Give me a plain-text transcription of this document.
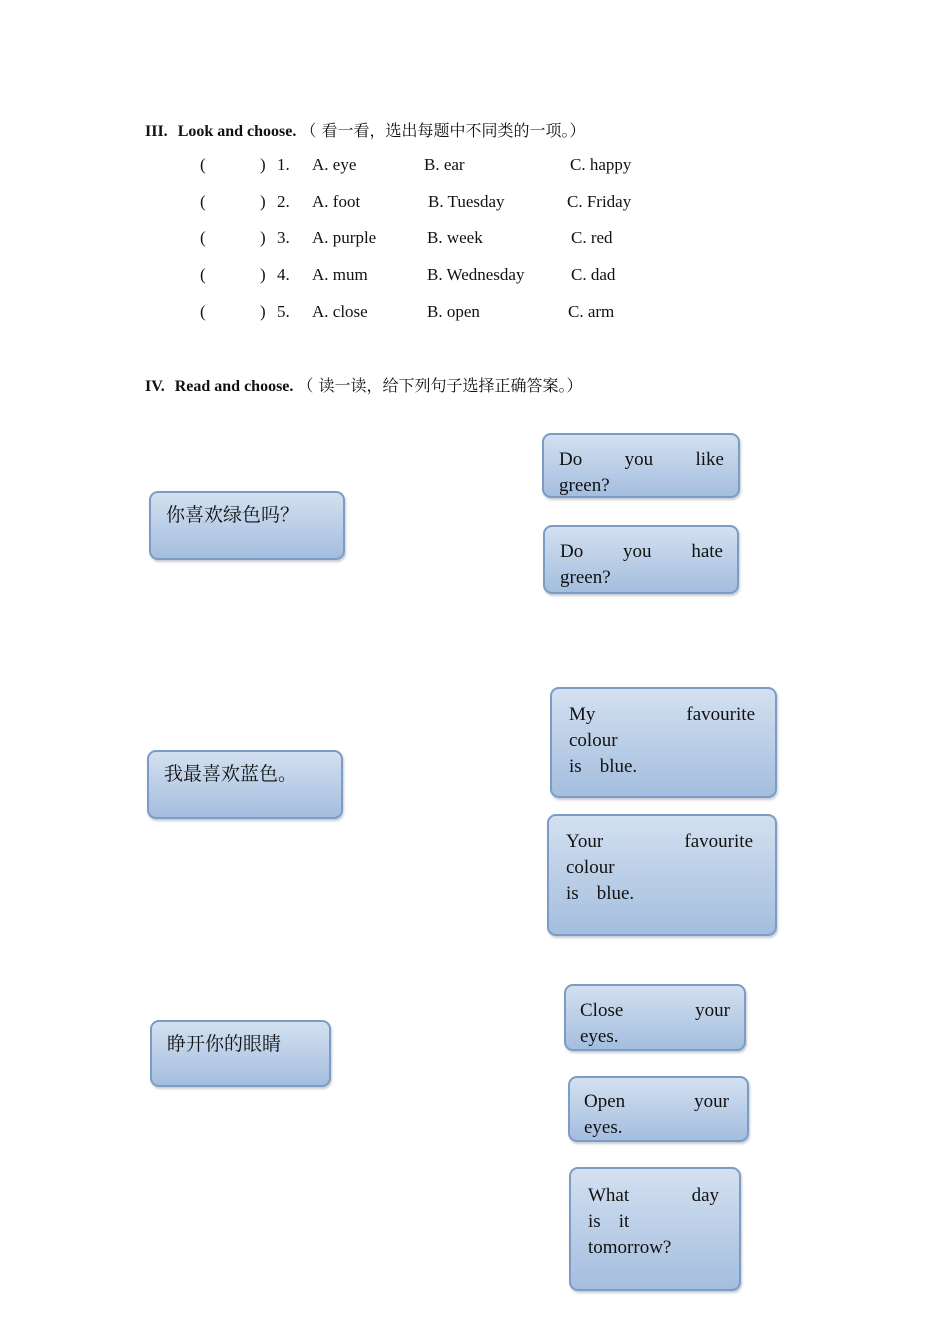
III. Look and choose. （ 看一看，选出每题中不同类的一项。）
(	) 1. A. eye	B. ear	C. happy
(	) 2. A. foot	B. Tuesday	C. Friday
(	) 3. A. purple	B. week	C. red
(	) 4. A. mum	B. Wednesday	C. dad
(	) 5. A. close	B. open	C. arm
IV. Read and choose. （ 读一读，给下列句子选择正确答案。）
你喜欢绿色吗？
我最喜欢蓝色。
睁开你的眼睛
Do you like
green?
Do you hate
green?
My	favourite
colour
is blue.
Your	favourite
colour
is blue.
Close	your
eyes.
Open	your
eyes.
What	day
is it
tomorrow?
